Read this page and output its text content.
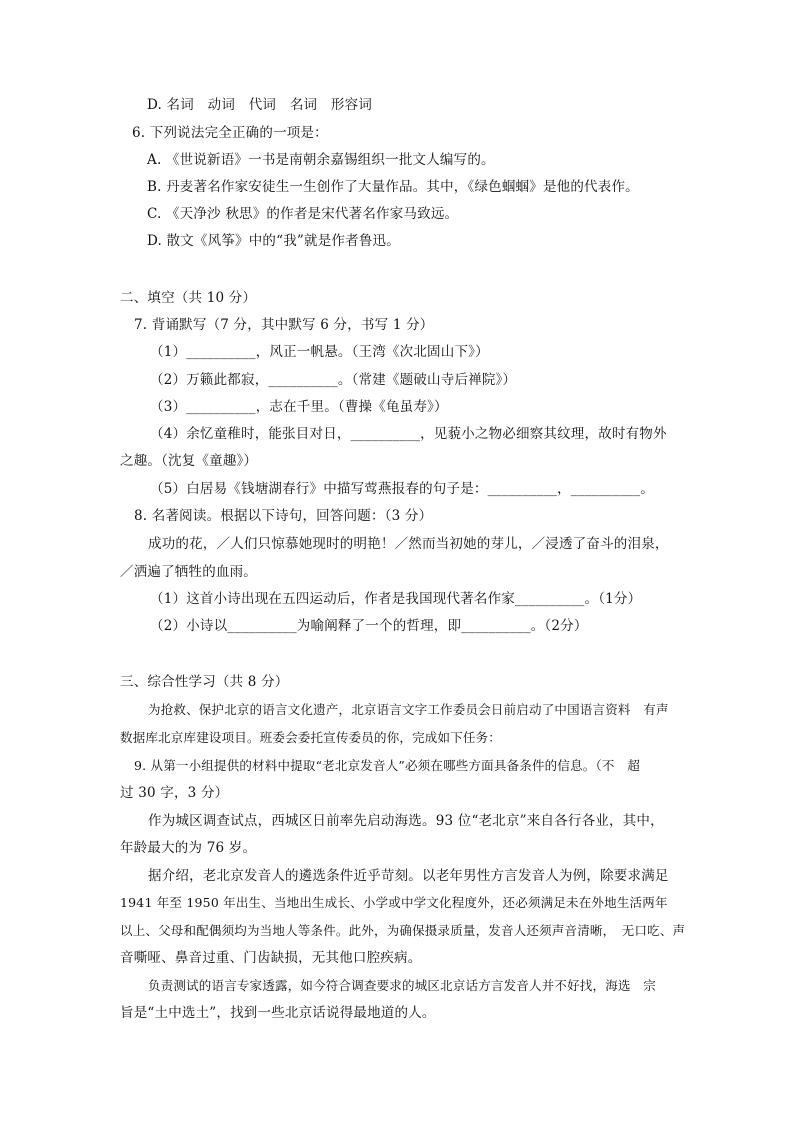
D. 名词　动词　代词　名词　形容词
6. 下列说法完全正确的一项是：
A. 《世说新语》一书是南朝余嘉锡组织一批文人编写的。
B. 丹麦著名作家安徒生一生创作了大量作品。其中，《绿色蝈蝈》是他的代表作。
C. 《天净沙 秋思》的作者是宋代著名作家马致远。
D. 散文《风筝》中的“我”就是作者鲁迅。
二、填空（共 10 分）
7. 背诵默写（7 分，其中默写 6 分，书写 1 分）
（1）__________，风正一帆悬。（王湾《次北固山下》）
（2）万籁此都寂，__________。（常建《题破山寺后禅院》）
（3）__________，志在千里。（曹操《龟虽寿》）
（4）余忆童稚时，能张目对日，__________，见藐小之物必细察其纹理，故时有物外
之趣。（沈复《童趣》）
（5）白居易《钱塘湖春行》中描写莺燕报春的句子是：__________，__________。
8. 名著阅读。根据以下诗句，回答问题：（3 分）
成功的花，／人们只惊慕她现时的明艳！／然而当初她的芽儿，／浸透了奋斗的泪泉，
／洒遍了牺牲的血雨。
（1）这首小诗出现在五四运动后，作者是我国现代著名作家__________。（1分）
（2）小诗以__________为喻阐释了一个的哲理，即__________。（2分）
三、综合性学习（共 8 分）
为抢救、保护北京的语言文化遗产，北京语言文字工作委员会日前启动了中国语言资料　有声
数据库北京库建设项目。班委会委托宣传委员的你，完成如下任务：
9. 从第一小组提供的材料中提取“老北京发音人”必须在哪些方面具备条件的信息。（不　超
过 30 字，3 分）
作为城区调查试点，西城区日前率先启动海选。93 位“老北京”来自各行各业，其中，
年龄最大的为 76 岁。
据介绍，老北京发音人的遴选条件近乎苛刻。以老年男性方言发音人为例，除要求满足
1941 年至 1950 年出生、当地出生成长、小学或中学文化程度外，还必须满足未在外地生活两年
以上、父母和配偶须均为当地人等条件。此外，为确保摄录质量，发音人还须声音清晰，　无口吃、声
音嘶哑、鼻音过重、门齿缺损，无其他口腔疾病。
负责测试的语言专家透露，如今符合调查要求的城区北京话方言发音人并不好找，海选　宗
旨是“土中选土”，找到一些北京话说得最地道的人。
